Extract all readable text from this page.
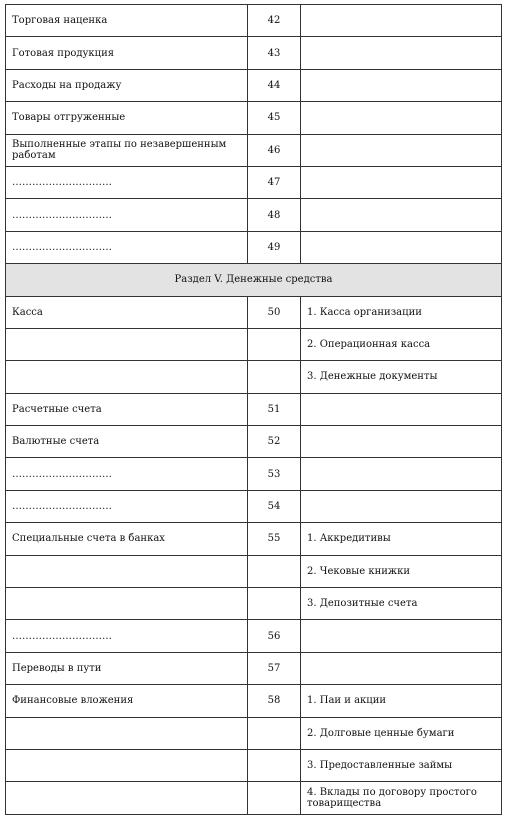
Торговая наценка	42	
Готовая продукция	43	
Расходы на продажу	44	
Товары отгруженные	45	
Выполненные этапы по незавершенным работам	46	
…………………………	47	
…………………………	48	
…………………………	49	
Раздел V. Денежные средства		
Касса	50	1. Касса организации
		2. Операционная касса
		3. Денежные документы
Расчетные счета	51	
Валютные счета	52	
…………………………	53	
…………………………	54	
Специальные счета в банках	55	1. Аккредитивы
		2. Чековые книжки
		3. Депозитные счета
…………………………	56	
Переводы в пути	57	
Финансовые вложения	58	1. Паи и акции
		2. Долговые ценные бумаги
		3. Предоставленные займы
		4. Вклады по договору простого товарищества
